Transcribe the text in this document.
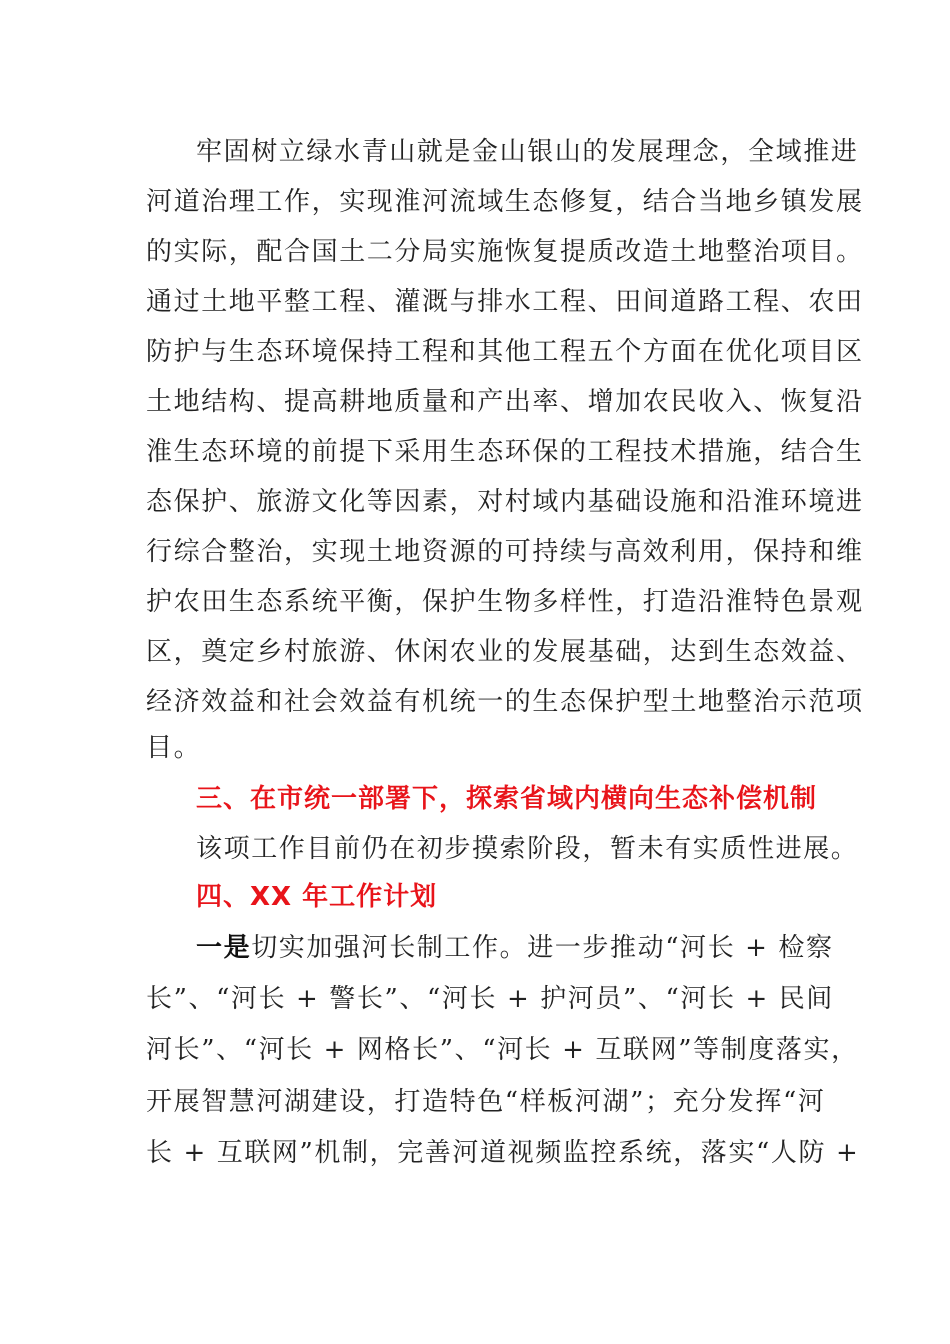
牢固树立绿水青山就是金山银山的发展理念，全域推进
河道治理工作，实现淮河流域生态修复，结合当地乡镇发展
的实际，配合国土二分局实施恢复提质改造土地整治项目。
通过土地平整工程、灌溉与排水工程、田间道路工程、农田
防护与生态环境保持工程和其他工程五个方面在优化项目区
土地结构、提高耕地质量和产出率、增加农民收入、恢复沿
淮生态环境的前提下采用生态环保的工程技术措施，结合生
态保护、旅游文化等因素，对村域内基础设施和沿淮环境进
行综合整治，实现土地资源的可持续与高效利用，保持和维
护农田生态系统平衡，保护生物多样性，打造沿淮特色景观
区，奠定乡村旅游、休闲农业的发展基础，达到生态效益、
经济效益和社会效益有机统一的生态保护型土地整治示范项
目。
三、在市统一部署下，探索省域内横向生态补偿机制
该项工作目前仍在初步摸索阶段，暂未有实质性进展。
四、XX 年工作计划
一是切实加强河长制工作。进一步推动“河长 + 检察
长”、“河长 + 警长”、“河长 + 护河员”、“河长 + 民间
河长”、“河长 + 网格长”、“河长 + 互联网”等制度落实，
开展智慧河湖建设，打造特色“样板河湖”；充分发挥“河
长 + 互联网”机制，完善河道视频监控系统，落实“人防 +
